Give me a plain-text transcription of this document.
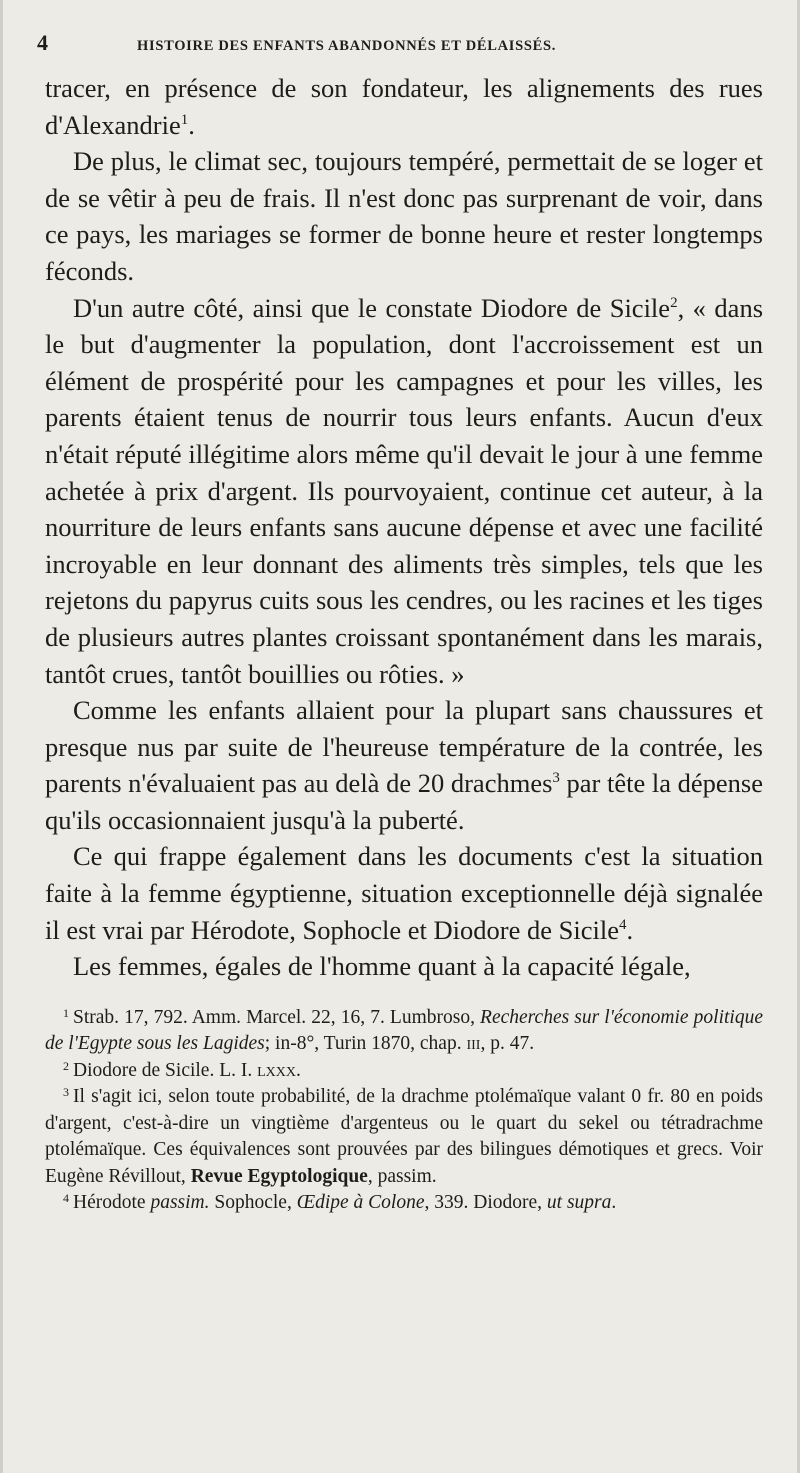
4	HISTOIRE DES ENFANTS ABANDONNÉS ET DÉLAISSÉS.

tracer, en présence de son fondateur, les alignements des rues d'Alexandrie$^1$.

De plus, le climat sec, toujours tempéré, permettait de se loger et de se vêtir à peu de frais. Il n'est donc pas surprenant de voir, dans ce pays, les mariages se former de bonne heure et rester longtemps féconds.

D'un autre côté, ainsi que le constate Diodore de Sicile$^2$, « dans le but d'augmenter la population, dont l'accroissement est un élément de prospérité pour les campagnes et pour les villes, les parents étaient tenus de nourrir tous leurs enfants. Aucun d'eux n'était réputé illégitime alors même qu'il devait le jour à une femme achetée à prix d'argent. Ils pourvoyaient, continue cet auteur, à la nourriture de leurs enfants sans aucune dépense et avec une facilité incroyable en leur donnant des aliments très simples, tels que les rejetons du papyrus cuits sous les cendres, ou les racines et les tiges de plusieurs autres plantes croissant spontanément dans les marais, tantôt crues, tantôt bouillies ou rôties. »

Comme les enfants allaient pour la plupart sans chaussures et presque nus par suite de l'heureuse température de la contrée, les parents n'évaluaient pas au delà de 20 drachmes$^3$ par tête la dépense qu'ils occasionnaient jusqu'à la puberté.

Ce qui frappe également dans les documents c'est la situation faite à la femme égyptienne, situation exceptionnelle déjà signalée il est vrai par Hérodote, Sophocle et Diodore de Sicile$^4$.

Les femmes, égales de l'homme quant à la capacité légale,

$^1$ Strab. 17, 792. Amm. Marcel. 22, 16, 7. Lumbroso, Recherches sur l'économie politique de l'Egypte sous les Lagides; in-8°, Turin 1870, chap. iii, p. 47.

$^2$ Diodore de Sicile. L. I. lxxx.

$^3$ Il s'agit ici, selon toute probabilité, de la drachme ptolémaïque valant 0 fr. 80 en poids d'argent, c'est-à-dire un vingtième d'argenteus ou le quart du sekel ou tétradrachme ptolémaïque. Ces équivalences sont prouvées par des bilingues démotiques et grecs. Voir Eugène Révillout, Revue Egyptologique, passim.

$^4$ Hérodote passim. Sophocle, Œdipe à Colone, 339. Diodore, ut supra.
